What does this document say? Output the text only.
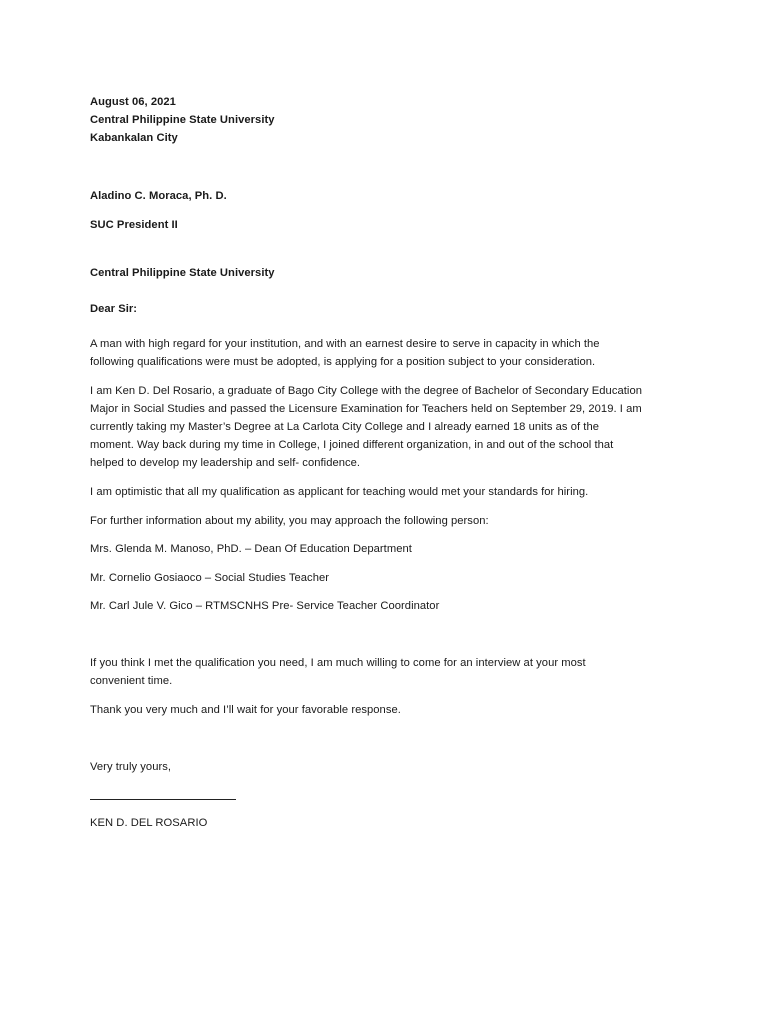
August 06, 2021
Central Philippine State University
Kabankalan City
Aladino C. Moraca, Ph. D.
SUC President II
Central Philippine State University
Dear Sir:
A man with high regard for your institution, and with an earnest desire to serve in capacity in which the
following qualifications were must be adopted, is applying for a position subject to your consideration.
I am Ken D. Del Rosario, a graduate of Bago City College with the degree of Bachelor of Secondary Education
Major in Social Studies and passed the Licensure Examination for Teachers held on September 29, 2019. I am
currently taking my Master’s Degree at La Carlota City College and I already earned 18 units as of the
moment. Way back during my time in College, I joined different organization, in and out of the school that
helped to develop my leadership and self- confidence.
I am optimistic that all my qualification as applicant for teaching would met your standards for hiring.
For further information about my ability, you may approach the following person:
Mrs. Glenda M. Manoso, PhD. – Dean Of Education Department
Mr. Cornelio Gosiaoco – Social Studies Teacher
Mr. Carl Jule V. Gico – RTMSCNHS Pre- Service Teacher Coordinator
If you think I met the qualification you need, I am much willing to come for an interview at your most
convenient time.
Thank you very much and I’ll wait for your favorable response.
Very truly yours,
KEN D. DEL ROSARIO
